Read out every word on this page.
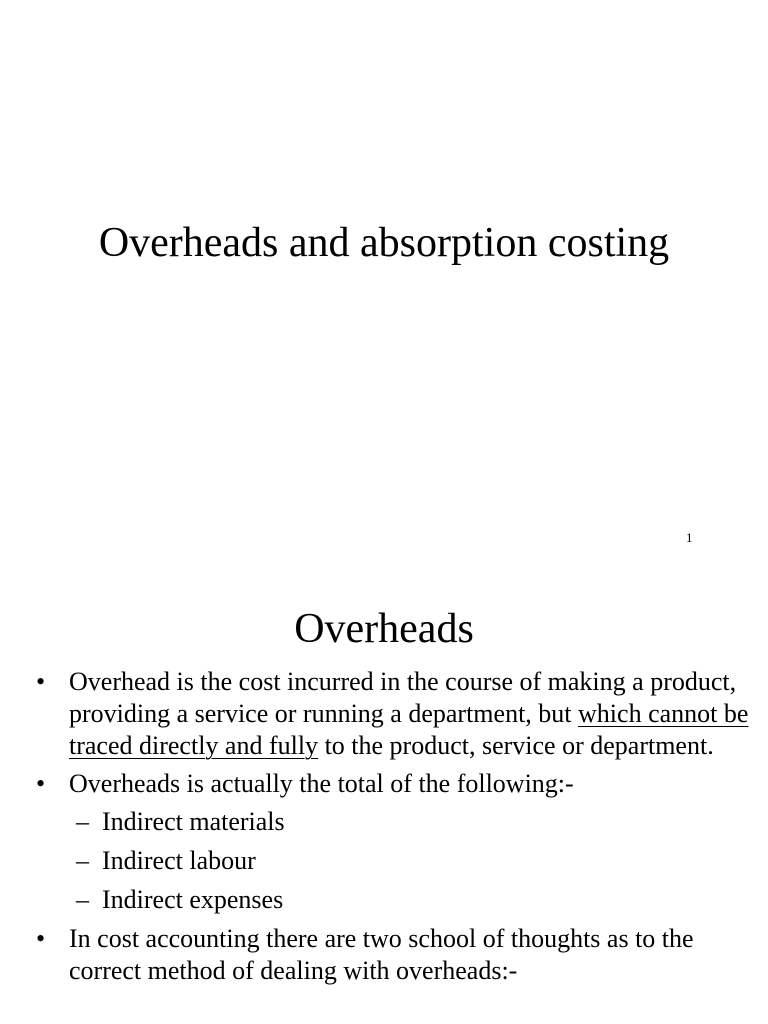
Overheads and absorption costing
1
Overheads
• Overhead is the cost incurred in the course of making a product, providing a service or running a department, but which cannot be traced directly and fully to the product, service or department.
• Overheads is actually the total of the following:-
– Indirect materials
– Indirect labour
– Indirect expenses
• In cost accounting there are two school of thoughts as to the correct method of dealing with overheads:-
